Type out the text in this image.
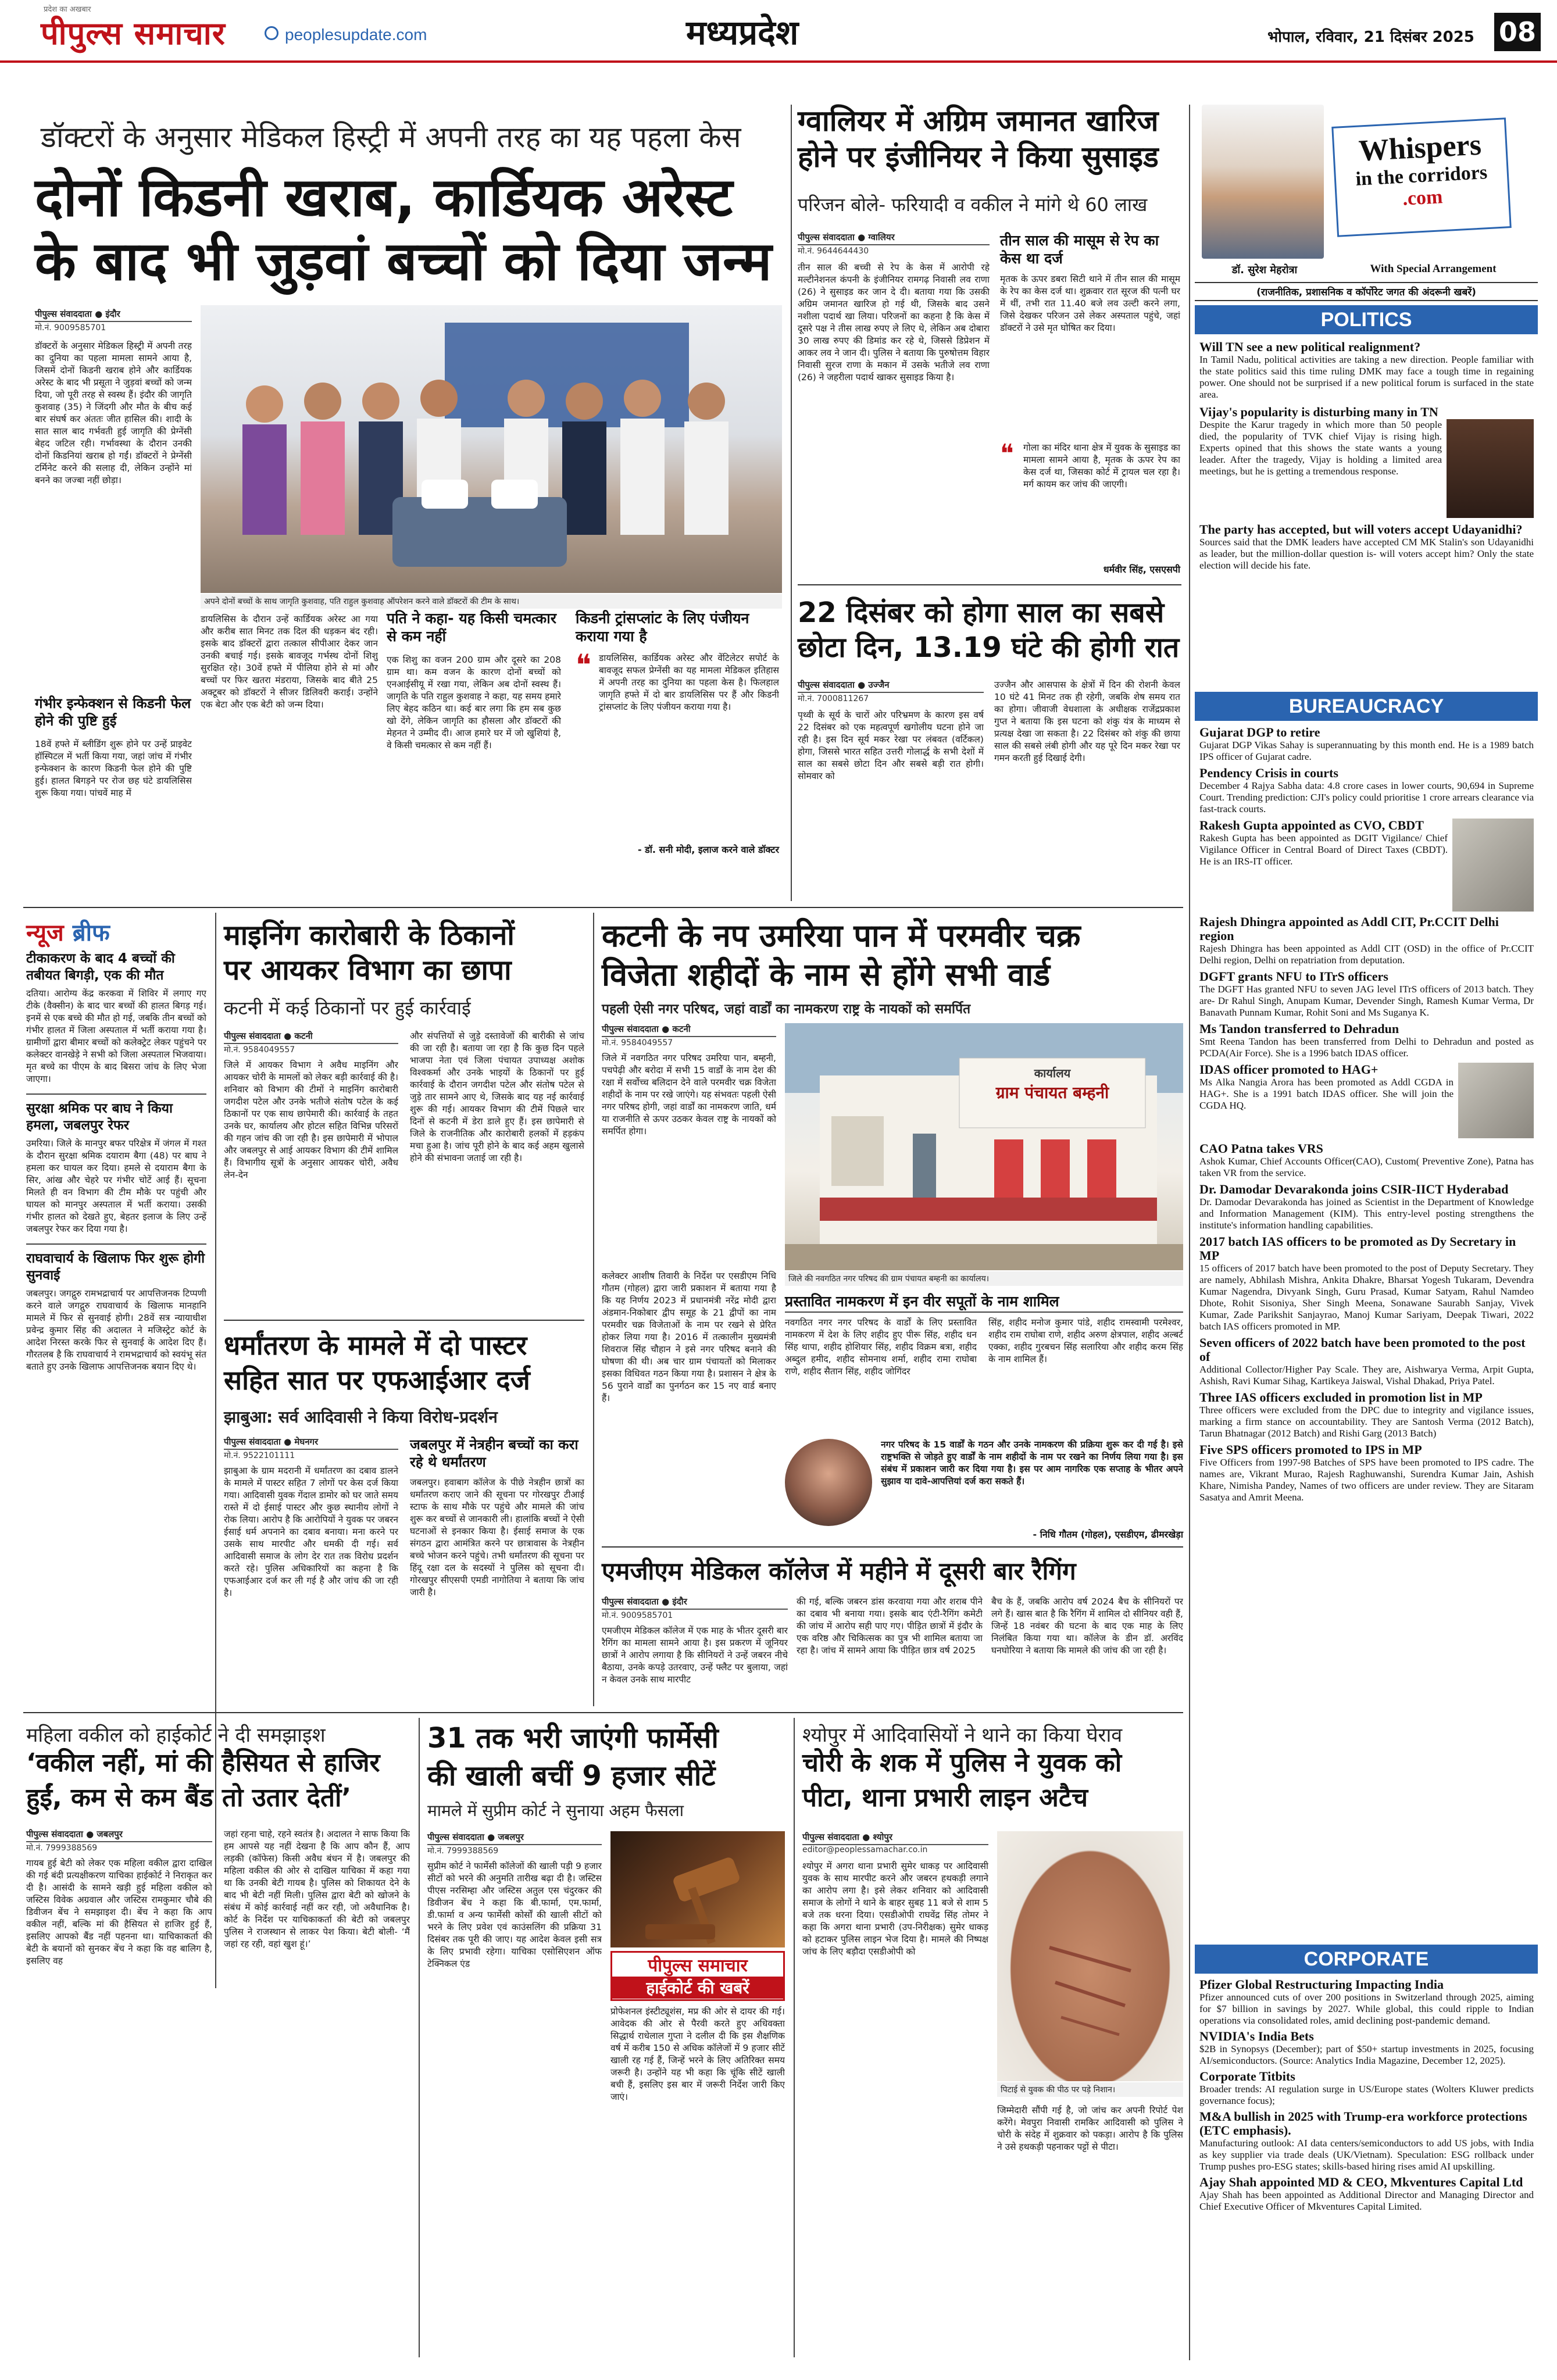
प्रदेश का अखबार
पीपुल्स समाचार	peoplesupdate.com	मध्यप्रदेश	भोपाल, रविवार, 21 दिसंबर 2025 08
डॉक्टरों के अनुसार मेडिकल हिस्ट्री में अपनी तरह का यह पहला केस
दोनों किडनी खराब, कार्डियक अरेस्ट
के बाद भी जुड़वां बच्चों को दिया जन्म
पीपुल्स संवाददाता ● इंदौर
मो.नं. 9009585701
डॉक्टरों के अनुसार मेडिकल हिस्ट्री में अपनी तरह का दुनिया का पहला मामला सामने आया है, जिसमें दोनों किडनी खराब होने और कार्डियक अरेस्ट के बाद भी प्रसूता ने जुड़वां बच्चों को जन्म दिया, जो पूरी तरह से स्वस्थ हैं। इंदौर की जागृति कुशवाह (35) ने जिंदगी और मौत के बीच कई बार संघर्ष कर अंततः जीत हासिल की। शादी के सात साल बाद गर्भवती हुई जागृति की प्रेग्नेंसी बेहद जटिल रही। गर्भावस्था के दौरान उनकी दोनों किडनियां खराब हो गईं। डॉक्टरों ने प्रेग्नेंसी टर्मिनेट करने की सलाह दी, लेकिन उन्होंने मां बनने का जज्बा नहीं छोड़ा।
गंभीर इन्फेक्शन से किडनी फेल होने की पुष्टि हुई
18वें हफ्ते में ब्लीडिंग शुरू होने पर उन्हें प्राइवेट हॉस्पिटल में भर्ती किया गया, जहां जांच में गंभीर इन्फेक्शन के कारण किडनी फेल होने की पुष्टि हुई। हालत बिगड़ने पर रोज छह घंटे डायलिसिस शुरू किया गया। पांचवें माह में
अपने दोनों बच्चों के साथ जागृति कुशवाह, पति राहुल कुशवाह ऑपरेशन करने वाले डॉक्टरों की टीम के साथ।
डायलिसिस के दौरान उन्हें कार्डियक अरेस्ट आ गया और करीब सात मिनट तक दिल की धड़कन बंद रही। इसके बाद डॉक्टरों द्वारा तत्काल सीपीआर देकर जान उनकी बचाई गई। इसके बावजूद गर्भस्थ दोनों शिशु सुरक्षित रहे। 30वें हफ्ते में पीलिया होने से मां और बच्चों पर फिर खतरा मंडराया, जिसके बाद बीते 25 अक्टूबर को डॉक्टरों ने सीजर डिलिवरी कराई। उन्होंने एक बेटा और एक बेटी को जन्म दिया।
पति ने कहा- यह किसी चमत्कार से कम नहीं
एक शिशु का वजन 200 ग्राम और दूसरे का 208 ग्राम था। कम वजन के कारण दोनों बच्चों को एनआईसीयू में रखा गया, लेकिन अब दोनों स्वस्थ हैं। जागृति के पति राहुल कुशवाह ने कहा, यह समय हमारे लिए बेहद कठिन था। कई बार लगा कि हम सब कुछ खो देंगे, लेकिन जागृति का हौसला और डॉक्टरों की मेहनत ने उम्मीद दी। आज हमारे घर में जो खुशियां है, वे किसी चमत्कार से कम नहीं हैं।
किडनी ट्रांसप्लांट के लिए पंजीयन कराया गया है
❝ डायलिसिस, कार्डियक अरेस्ट और वेंटिलेटर सपोर्ट के बावजूद सफल प्रेग्नेंसी का यह मामला मेडिकल इतिहास में अपनी तरह का दुनिया का पहला केस है। फिलहाल जागृति हफ्ते में दो बार डायलिसिस पर हैं और किडनी ट्रांसप्लांट के लिए पंजीयन कराया गया है।
- डॉ. सनी मोदी, इलाज करने वाले डॉक्टर
ग्वालियर में अग्रिम जमानत खारिज
होने पर इंजीनियर ने किया सुसाइड
परिजन बोले- फरियादी व वकील ने मांगे थे 60 लाख
पीपुल्स संवाददाता ● ग्वालियर
मो.नं. 9644644430
तीन साल की बच्ची से रेप के केस में आरोपी रहे मल्टीनेशनल कंपनी के इंजीनियर रामगढ़ निवासी लव राणा (26) ने सुसाइड कर जान दे दी। बताया गया कि उसकी अग्रिम जमानत खारिज हो गई थी, जिसके बाद उसने नशीला पदार्थ खा लिया। परिजनों का कहना है कि केस में दूसरे पक्ष ने तीस लाख रुपए ले लिए थे, लेकिन अब दोबारा 30 लाख रुपए की डिमांड कर रहे थे, जिससे डिप्रेशन में आकर लव ने जान दी। पुलिस ने बताया कि पुरुषोत्तम विहार निवासी सुरज राणा के मकान में उसके भतीजे लव राणा (26) ने जहरीला पदार्थ खाकर सुसाइड किया है।
तीन साल की मासूम से रेप का केस था दर्ज
मृतक के ऊपर डबरा सिटी थाने में तीन साल की मासूम के रेप का केस दर्ज था। शुक्रवार रात सूरज की पत्नी घर में थीं, तभी रात 11.40 बजे लव उल्टी करने लगा, जिसे देखकर परिजन उसे लेकर अस्पताल पहुंचे, जहां डॉक्टरों ने उसे मृत घोषित कर दिया।
❝ गोला का मंदिर थाना क्षेत्र में युवक के सुसाइड का मामला सामने आया है, मृतक के ऊपर रेप का केस दर्ज था, जिसका कोर्ट में ट्रायल चल रहा है। मर्ग कायम कर जांच की जाएगी।
धर्मवीर सिंह, एसएसपी
22 दिसंबर को होगा साल का सबसे
छोटा दिन, 13.19 घंटे की होगी रात
पीपुल्स संवाददाता ● उज्जैन
मो.नं. 7000811267
पृथ्वी के सूर्य के चारों ओर परिभ्रमण के कारण इस वर्ष 22 दिसंबर को एक महत्वपूर्ण खगोलीय घटना होने जा रही है। इस दिन सूर्य मकर रेखा पर लंबवत (वर्टिकल) होगा, जिससे भारत सहित उत्तरी गोलार्द्ध के सभी देशों में साल का सबसे छोटा दिन और सबसे बड़ी रात होगी। सोमवार को
उज्जैन और आसपास के क्षेत्रों में दिन की रोशनी केवल 10 घंटे 41 मिनट तक ही रहेगी, जबकि शेष समय रात का होगा। जीवाजी वेधशाला के अधीक्षक राजेंद्रप्रकाश गुप्त ने बताया कि इस घटना को शंकु यंत्र के माध्यम से प्रत्यक्ष देखा जा सकता है। 22 दिसंबर को शंकु की छाया साल की सबसे लंबी होगी और यह पूरे दिन मकर रेखा पर गमन करती हुई दिखाई देगी।
Whispers
in the corridors
.com
डॉ. सुरेश मेहरोत्रा	With Special Arrangement
(राजनीतिक, प्रशासनिक व कॉर्पोरेट जगत की अंदरूनी खबरें)
POLITICS
Will TN see a new political realignment?
In Tamil Nadu, political activities are taking a new direction. People familiar with the state politics said this time ruling DMK may face a tough time in regaining power. One should not be surprised if a new political forum is surfaced in the state area.
Vijay's popularity is disturbing many in TN
Despite the Karur tragedy in which more than 50 people died, the popularity of TVK chief Vijay is rising high. Experts opined that this shows the state wants a young leader. After the tragedy, Vijay is holding a limited area meetings, but he is getting a tremendous response.
The party has accepted, but will voters accept Udayanidhi?
Sources said that the DMK leaders have accepted CM MK Stalin's son Udayanidhi as leader, but the million-dollar question is- will voters accept him? Only the state election will decide his fate.
BUREAUCRACY
Gujarat DGP to retire
Gujarat DGP Vikas Sahay is superannuating by this month end. He is a 1989 batch IPS officer of Gujarat cadre.
Pendency Crisis in courts
December 4 Rajya Sabha data: 4.8 crore cases in lower courts, 90,694 in Supreme Court. Trending prediction: CJI's policy could prioritise 1 crore arrears clearance via fast-track courts.
Rakesh Gupta appointed as CVO, CBDT
Rakesh Gupta has been appointed as DGIT Vigilance/ Chief Vigilance Officer in Central Board of Direct Taxes (CBDT). He is an IRS-IT officer.
Rajesh Dhingra appointed as Addl CIT, Pr.CCIT Delhi region
Rajesh Dhingra has been appointed as Addl CIT (OSD) in the office of Pr.CCIT Delhi region, Delhi on repatriation from deputation.
DGFT grants NFU to ITrS officers
The DGFT Has granted NFU to seven JAG level ITrS officers of 2013 batch. They are- Dr Rahul Singh, Anupam Kumar, Devender Singh, Ramesh Kumar Verma, Dr Banavath Punnam Kumar, Rohit Soni and Ms Suganya K.
Ms Tandon transferred to Dehradun
Smt Reena Tandon has been transferred from Delhi to Dehradun and posted as PCDA(Air Force). She is a 1996 batch IDAS officer.
IDAS officer promoted to HAG+
Ms Alka Nangia Arora has been promoted as Addl CGDA in HAG+. She is a 1991 batch IDAS officer. She will join the CGDA HQ.
CAO Patna takes VRS
Ashok Kumar, Chief Accounts Officer(CAO), Custom( Preventive Zone), Patna has taken VR from the service.
Dr. Damodar Devarakonda joins CSIR-IICT Hyderabad
Dr. Damodar Devarakonda has joined as Scientist in the Department of Knowledge and Information Management (KIM). This entry-level posting strengthens the institute's information handling capabilities.
2017 batch IAS officers to be promoted as Dy Secretary in MP
15 officers of 2017 batch have been promoted to the post of Deputy Secretary. They are namely, Abhilash Mishra, Ankita Dhakre, Bharsat Yogesh Tukaram, Devendra Kumar Nagendra, Divyank Singh, Guru Prasad, Kumar Satyam, Rahul Namdeo Dhote, Rohit Sisoniya, Sher Singh Meena, Sonawane Saurabh Sanjay, Vivek Kumar, Zade Parikshit Sanjayrao, Manoj Kumar Sariyam, Deepak Tiwari, 2022 batch IAS officers promoted in MP.
Seven officers of 2022 batch have been promoted to the post of
Additional Collector/Higher Pay Scale. They are, Aishwarya Verma, Arpit Gupta, Ashish, Ravi Kumar Sihag, Kartikeya Jaiswal, Vishal Dhakad, Priya Patel.
Three IAS officers excluded in promotion list in MP
Three officers were excluded from the DPC due to integrity and vigilance issues, marking a firm stance on accountability. They are Santosh Verma (2012 Batch), Tarun Bhatnagar (2012 Batch) and Rishi Garg (2013 Batch)
Five SPS officers promoted to IPS in MP
Five Officers from 1997-98 Batches of SPS have been promoted to IPS cadre. The names are, Vikrant Murao, Rajesh Raghuwanshi, Surendra Kumar Jain, Ashish Khare, Nimisha Pandey, Names of two officers are under review. They are Sitaram Sasatya and Amrit Meena.
CORPORATE
Pfizer Global Restructuring Impacting India
Pfizer announced cuts of over 200 positions in Switzerland through 2025, aiming for $7 billion in savings by 2027. While global, this could ripple to Indian operations via consolidated roles, amid declining post-pandemic demand.
NVIDIA's India Bets
$2B in Synopsys (December); part of $50+ startup investments in 2025, focusing AI/semiconductors. (Source: Analytics India Magazine, December 12, 2025).
Corporate Titbits
Broader trends: AI regulation surge in US/Europe states (Wolters Kluwer predicts governance focus);
M&A bullish in 2025 with Trump-era workforce protections (ETC emphasis).
Manufacturing outlook: AI data centers/semiconductors to add US jobs, with India as key supplier via trade deals (UK/Vietnam). Speculation: ESG rollback under Trump pushes pro-ESG states; skills-based hiring rises amid AI upskilling.
Ajay Shah appointed MD & CEO, Mkventures Capital Ltd
Ajay Shah has been appointed as Additional Director and Managing Director and Chief Executive Officer of Mkventures Capital Limited.
न्यूज ब्रीफ
टीकाकरण के बाद 4 बच्चों की तबीयत बिगड़ी, एक की मौत
दतिया। आरोग्य केंद्र करकवा में शिविर में लगाए गए टीके (वैक्सीन) के बाद चार बच्चों की हालत बिगड़ गई। इनमें से एक बच्चे की मौत हो गई, जबकि तीन बच्चों को गंभीर हालत में जिला अस्पताल में भर्ती कराया गया है। ग्रामीणों द्वारा बीमार बच्चों को कलेक्ट्रेट लेकर पहुंचने पर कलेक्टर वानखेड़े ने सभी को जिला अस्पताल भिजवाया। मृत बच्चे का पीएम के बाद बिसरा जांच के लिए भेजा जाएगा।
सुरक्षा श्रमिक पर बाघ ने किया हमला, जबलपुर रेफर
उमरिया। जिले के मानपुर बफर परिक्षेत्र में जंगल में गश्त के दौरान सुरक्षा श्रमिक दयाराम बैगा (48) पर बाघ ने हमला कर घायल कर दिया। हमले से दयाराम बैगा के सिर, आंख और चेहरे पर गंभीर चोटें आई हैं। सूचना मिलते ही वन विभाग की टीम मौके पर पहुंची और घायल को मानपुर अस्पताल में भर्ती कराया। उसकी गंभीर हालत को देखते हुए, बेहतर इलाज के लिए उन्हें जबलपुर रेफर कर दिया गया है।
राघवाचार्य के खिलाफ फिर शुरू होगी सुनवाई
जबलपुर। जगद्गुरु रामभद्राचार्य पर आपत्तिजनक टिप्पणी करने वाले जगद्गुरु राघवाचार्य के खिलाफ मानहानि मामले में फिर से सुनवाई होगी। 28वें सत्र न्यायाधीश प्रवेन्द्र कुमार सिंह की अदालत ने मजिस्ट्रेट कोर्ट के आदेश निरस्त करके फिर से सुनवाई के आदेश दिए हैं। गौरतलब है कि राघवाचार्य ने रामभद्राचार्य को स्वयंभू संत बताते हुए उनके खिलाफ आपत्तिजनक बयान दिए थे।
माइनिंग कारोबारी के ठिकानों
पर आयकर विभाग का छापा
कटनी में कई ठिकानों पर हुई कार्रवाई
पीपुल्स संवाददाता ● कटनी
मो.नं. 9584049557
जिले में आयकर विभाग ने अवैध माइनिंग और आयकर चोरी के मामलों को लेकर बड़ी कार्रवाई की है। शनिवार को विभाग की टीमों ने माइनिंग कारोबारी जगदीश पटेल और उनके भतीजे संतोष पटेल के कई ठिकानों पर एक साथ छापेमारी की। कार्रवाई के तहत उनके घर, कार्यालय और होटल सहित विभिन्न परिसरों की गहन जांच की जा रही है। इस छापेमारी में भोपाल और जबलपुर से आई आयकर विभाग की टीमें शामिल हैं। विभागीय सूत्रों के अनुसार आयकर चोरी, अवैध लेन-देन
और संपत्तियों से जुड़े दस्तावेजों की बारीकी से जांच की जा रही है। बताया जा रहा है कि कुछ दिन पहले भाजपा नेता एवं जिला पंचायत उपाध्यक्ष अशोक विश्वकर्मा और उनके भाइयों के ठिकानों पर हुई कार्रवाई के दौरान जगदीश पटेल और संतोष पटेल से जुड़े तार सामने आए थे, जिसके बाद यह नई कार्रवाई शुरू की गई। आयकर विभाग की टीमें पिछले चार दिनों से कटनी में डेरा डाले हुए हैं। इस छापेमारी से जिले के राजनीतिक और कारोबारी हलकों में हड़कंप मचा हुआ है। जांच पूरी होने के बाद कई अहम खुलासे होने की संभावना जताई जा रही है।
धर्मांतरण के मामले में दो पास्टर
सहित सात पर एफआईआर दर्ज
झाबुआ: सर्व आदिवासी ने किया विरोध-प्रदर्शन
पीपुल्स संवाददाता ● मेघनगर
मो.नं. 9522101111
झाबुआ के ग्राम मदरानी में धर्मांतरण का दबाव डालने के मामले में पास्टर सहित 7 लोगों पर केस दर्ज किया गया। आदिवासी युवक गेंदाल डामोर को घर जाते समय रास्ते में दो ईसाई पास्टर और कुछ स्थानीय लोगों ने रोक लिया। आरोप है कि आरोपियों ने युवक पर जबरन ईसाई धर्म अपनाने का दबाव बनाया। मना करने पर उसके साथ मारपीट और धमकी दी गई। सर्व आदिवासी समाज के लोग देर रात तक विरोध प्रदर्शन करते रहे। पुलिस अधिकारियों का कहना है कि एफआईआर दर्ज कर ली गई है और जांच की जा रही है।
जबलपुर में नेत्रहीन बच्चों का करा रहे थे धर्मांतरण
जबलपुर। हवाबाग कॉलेज के पीछे नेत्रहीन छात्रों का धर्मांतरण कराए जाने की सूचना पर गोरखपुर टीआई स्टाफ के साथ मौके पर पहुंचे और मामले की जांच शुरू कर बच्चों से जानकारी ली। हालांकि बच्चों ने ऐसी घटनाओं से इनकार किया है। ईसाई समाज के एक संगठन द्वारा आमंत्रित करने पर छात्रावास के नेत्रहीन बच्चे भोजन करने पहुंचे। तभी धर्मांतरण की सूचना पर हिंदू रक्षा दल के सदस्यों ने पुलिस को सूचना दी। गोरखपुर सीएसपी एमडी नागोतिया ने बताया कि जांच जारी है।
कटनी के नप उमरिया पान में परमवीर चक्र
विजेता शहीदों के नाम से होंगे सभी वार्ड
पहली ऐसी नगर परिषद, जहां वार्डों का नामकरण राष्ट्र के नायकों को समर्पित
पीपुल्स संवाददाता ● कटनी
मो.नं. 9584049557
जिले में नवगठित नगर परिषद उमरिया पान, बम्हनी, पचपेढ़ी और बरोदा में सभी 15 वार्डों के नाम देश की रक्षा में सर्वोच्च बलिदान देने वाले परमवीर चक्र विजेता शहीदों के नाम पर रखे जाएंगे। यह संभवतः पहली ऐसी नगर परिषद होगी, जहां वार्डों का नामकरण जाति, धर्म या राजनीति से ऊपर उठकर केवल राष्ट्र के नायकों को समर्पित होगा।
कार्यालय
ग्राम पंचायत बम्हनी
जिले की नवगठित नगर परिषद की ग्राम पंचायत बम्हनी का कार्यालय।
कलेक्टर आशीष तिवारी के निर्देश पर एसडीएम निधि गौतम (गोहल) द्वारा जारी प्रकाशन में बताया गया है कि यह निर्णय 2023 में प्रधानमंत्री नरेंद्र मोदी द्वारा अंडमान-निकोबार द्वीप समूह के 21 द्वीपों का नाम परमवीर चक्र विजेताओं के नाम पर रखने से प्रेरित होकर लिया गया है। 2016 में तत्कालीन मुख्यमंत्री शिवराज सिंह चौहान ने इसे नगर परिषद बनाने की घोषणा की थी। अब चार ग्राम पंचायतों को मिलाकर इसका विधिवत गठन किया गया है। प्रशासन ने क्षेत्र के 56 पुराने वार्डों का पुनर्गठन कर 15 नए वार्ड बनाए हैं।
प्रस्तावित नामकरण में इन वीर सपूतों के नाम शामिल
नवगठित नगर नगर परिषद के वार्डों के लिए प्रस्तावित नामकरण में देश के लिए शहीद हुए पीरू सिंह, शहीद धन सिंह थापा, शहीद होशियार सिंह, शहीद विक्रम बत्रा, शहीद अब्दुल हमीद, शहीद सोमनाथ शर्मा, शहीद रामा राघोबा राणे, शहीद सैतान सिंह, शहीद जोगिंदर
सिंह, शहीद मनोज कुमार पांडे, शहीद रामस्वामी परमेश्वर, शहीद राम राघोबा राणे, शहीद अरुण क्षेत्रपाल, शहीद अल्बर्ट एक्का, शहीद गुरबचन सिंह सलारिया और शहीद करम सिंह के नाम शामिल हैं।
नगर परिषद के 15 वार्डों के गठन और उनके नामकरण की प्रक्रिया शुरू कर दी गई है। इसे राष्ट्रभक्ति से जोड़ते हुए वार्डों के नाम शहीदों के नाम पर रखने का निर्णय लिया गया है। इस संबंध में प्रकाशन जारी कर दिया गया है। इस पर आम नागरिक एक सप्ताह के भीतर अपने सुझाव या दावे-आपत्तियां दर्ज करा सकते हैं।
- निधि गौतम (गोहल), एसडीएम, ढीमरखेड़ा
एमजीएम मेडिकल कॉलेज में महीने में दूसरी बार रैगिंग
पीपुल्स संवाददाता ● इंदौर
मो.नं. 9009585701
एमजीएम मेडिकल कॉलेज में एक माह के भीतर दूसरी बार रैगिंग का मामला सामने आया है। इस प्रकरण में जूनियर छात्रों ने आरोप लगाया है कि सीनियरों ने उन्हें जबरन नीचे बैठाया, उनके कपड़े उतरवाए, उन्हें फ्लैट पर बुलाया, जहां न केवल उनके साथ मारपीट
की गई, बल्कि जबरन डांस करवाया गया और शराब पीने का दबाव भी बनाया गया। इसके बाद एंटी-रैगिंग कमेटी की जांच में आरोप सही पाए गए। पीड़ित छात्रों में इंदौर के एक वरिष्ठ और चिकित्सक का पुत्र भी शामिल बताया जा रहा है। जांच में सामने आया कि पीड़ित छात्र वर्ष 2025
बैच के हैं, जबकि आरोप वर्ष 2024 बैच के सीनियरों पर लगे हैं। खास बात है कि रैगिंग में शामिल दो सीनियर वही हैं, जिन्हें 18 नवंबर की घटना के बाद एक माह के लिए निलंबित किया गया था। कॉलेज के डीन डॉ. अरविंद घनघोरिया ने बताया कि मामले की जांच की जा रही है।
महिला वकील को हाईकोर्ट ने दी समझाइश
‘वकील नहीं, मां की हैसियत से हाजिर
हुईं, कम से कम बैंड तो उतार देतीं’
पीपुल्स संवाददाता ● जबलपुर
मो.नं. 7999388569
गायब हुई बेटी को लेकर एक महिला वकील द्वारा दाखिल की गई बंदी प्रत्यक्षीकरण याचिका हाईकोर्ट ने निराकृत कर दी है। आसंदी के सामने खड़ी हुई महिला वकील को जस्टिस विवेक अग्रवाल और जस्टिस रामकुमार चौबे की डिवीजन बेंच ने समझाइश दी। बेंच ने कहा कि आप वकील नहीं, बल्कि मां की हैसियत से हाजिर हुई हैं, इसलिए आपको बैंड नहीं पहनना था। याचिकाकर्ता की बेटी के बयानों को सुनकर बेंच ने कहा कि वह बालिग है, इसलिए वह
जहां रहना चाहे, रहने स्वतंत्र है। अदालत ने साफ किया कि हम आपसे यह नहीं देखना है कि आप कौन हैं, आप लड़की (कॉफेस) किसी अवैध बंधन में है। जबलपुर की महिला वकील की ओर से दाखिल याचिका में कहा गया था कि उनकी बेटी गायब है। पुलिस को शिकायत देने के बाद भी बेटी नहीं मिली। पुलिस द्वारा बेटी को खोजने के संबंध में कोई कार्रवाई नहीं कर रही, जो अवैधानिक है। कोर्ट के निर्देश पर याचिकाकर्ता की बेटी को जबलपुर पुलिस ने राजस्थान से लाकर पेश किया। बेटी बोली- ‘मैं जहां रह रही, वहां खुश हूं।’
31 तक भरी जाएंगी फार्मेसी
की खाली बचीं 9 हजार सीटें
मामले में सुप्रीम कोर्ट ने सुनाया अहम फैसला
पीपुल्स संवाददाता ● जबलपुर
मो.नं. 7999388569
सुप्रीम कोर्ट ने फार्मेसी कॉलेजों की खाली पड़ी 9 हजार सीटों को भरने की अनुमति तारीख बढ़ा दी है। जस्टिस पीएस नरसिम्हा और जस्टिस अतुल एस चंदुरकर की डिवीजन बेंच ने कहा कि बी.फार्मा, एम.फार्मा, डी.फार्मा व अन्य फार्मेसी कोर्सों की खाली सीटों को भरने के लिए प्रवेश एवं काउंसलिंग की प्रक्रिया 31 दिसंबर तक पूरी की जाए। यह आदेश केवल इसी सत्र के लिए प्रभावी रहेगा। याचिका एसोसिएशन ऑफ टेक्निकल एंड	पीपुल्स समाचार
हाईकोर्ट की खबरें
प्रोफेशनल इंस्टीट्यूशंस, मप्र की ओर से दायर की गई। आवेदक की ओर से पैरवी करते हुए अधिवक्ता सिद्धार्थ राधेलाल गुप्ता ने दलील दी कि इस शैक्षणिक वर्ष में करीब 150 से अधिक कॉलेजों में 9 हजार सीटें खाली रह गई हैं, जिन्हें भरने के लिए अतिरिक्त समय जरूरी है। उन्होंने यह भी कहा कि चूंकि सीटें खाली बची हैं, इसलिए इस बार में जरूरी निर्देश जारी किए जाएं।
श्योपुर में आदिवासियों ने थाने का किया घेराव
चोरी के शक में पुलिस ने युवक को
पीटा, थाना प्रभारी लाइन अटैच
पीपुल्स संवाददाता ● श्योपुर
editor@peoplessamachar.co.in
श्योपुर में अगरा थाना प्रभारी सुमेर धाकड़ पर आदिवासी युवक के साथ मारपीट करने और जबरन हथकड़ी लगाने का आरोप लगा है। इसे लेकर शनिवार को आदिवासी समाज के लोगों ने थाने के बाहर सुबह 11 बजे से शाम 5 बजे तक धरना दिया। एसडीओपी राघवेंद्र सिंह तोमर ने कहा कि अगरा थाना प्रभारी (उप-निरीक्षक) सुमेर धाकड़ को हटाकर पुलिस लाइन भेज दिया है। मामले की निष्पक्ष जांच के लिए बड़ौदा एसडीओपी को
पिटाई से युवक की पीठ पर पड़े निशान।
जिम्मेदारी सौंपी गई है, जो जांच कर अपनी रिपोर्ट पेश करेंगे। मेवपुरा निवासी रामकिर आदिवासी को पुलिस ने चोरी के संदेह में शुक्रवार को पकड़ा। आरोप है कि पुलिस ने उसे हथकड़ी पहनाकर पट्टों से पीटा।
